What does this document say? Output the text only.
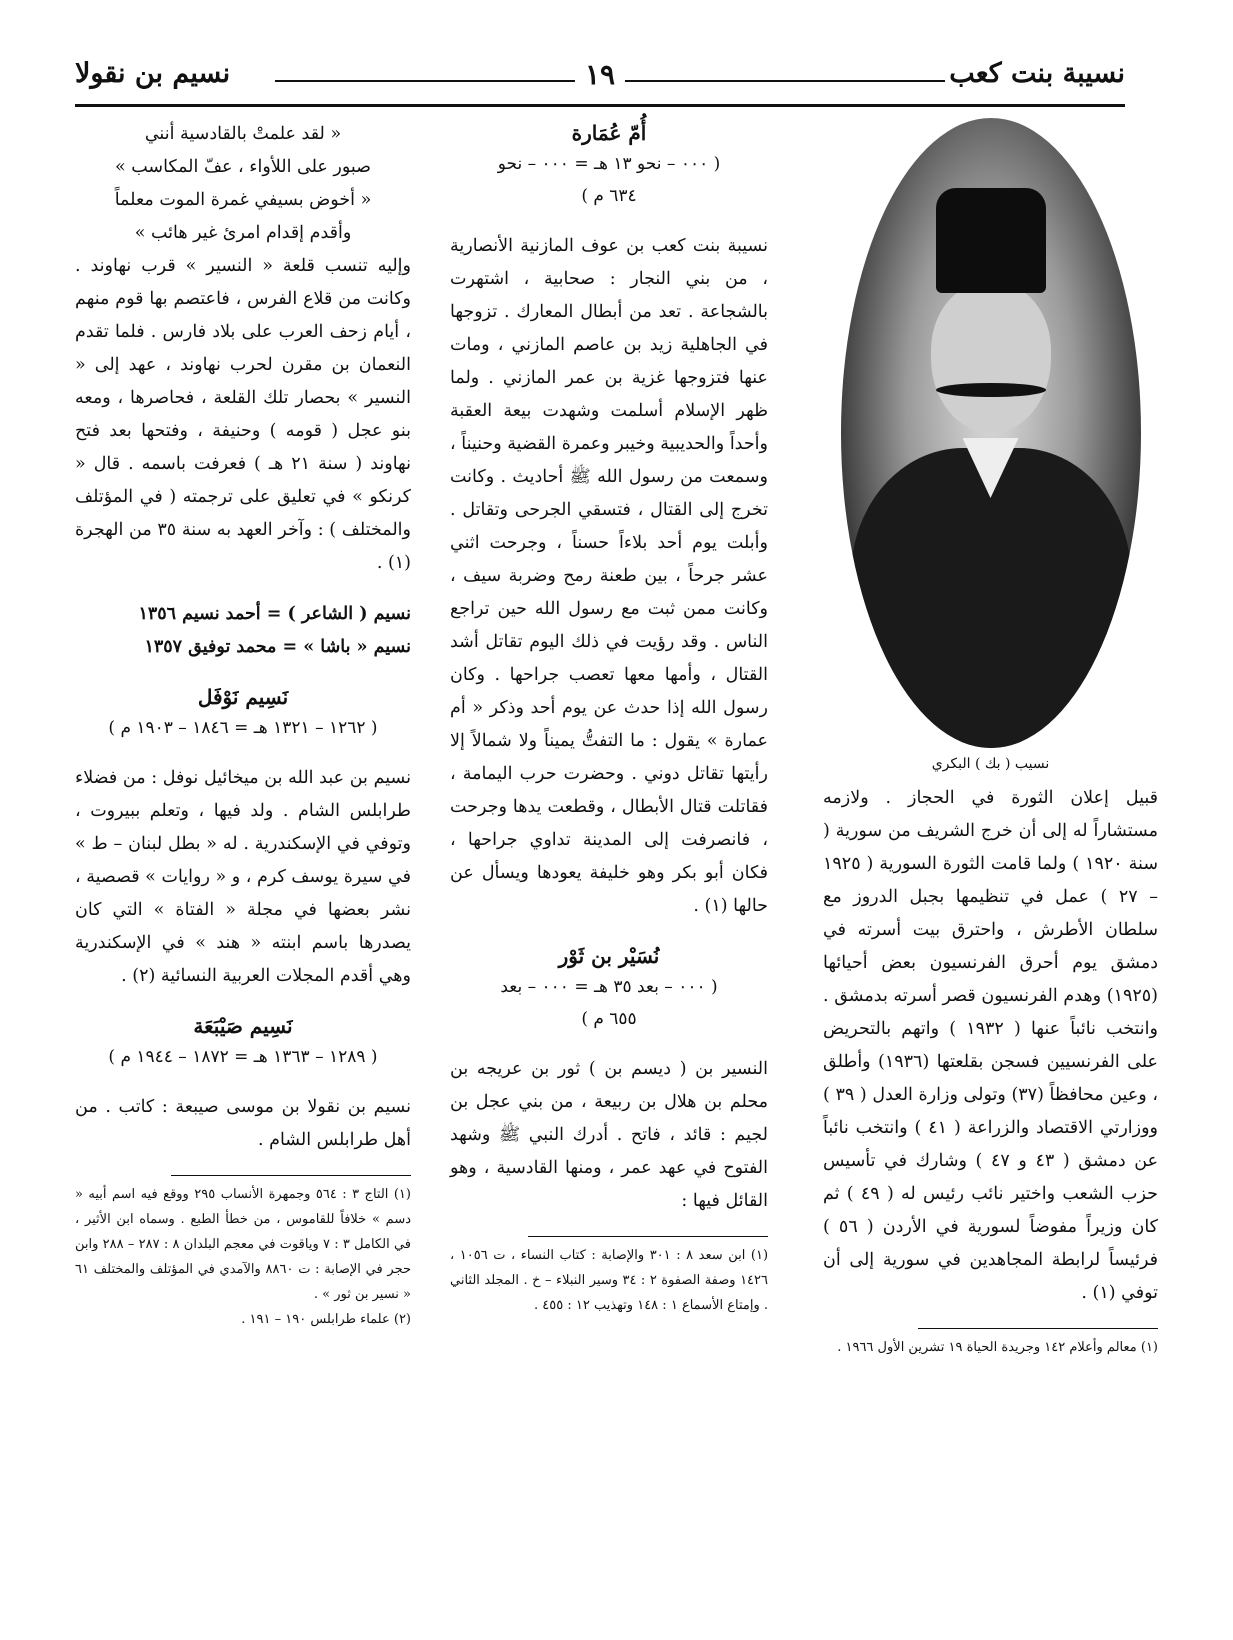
نسيبة بنت كعب
١٩
نسيم بن نقولا
نسيب ( بك ) البكري

قبيل إعلان الثورة في الحجاز . ولازمه مستشاراً له إلى أن خرج الشريف من سورية ( سنة ١٩٢٠ ) ولما قامت الثورة السورية ( ١٩٢٥ – ٢٧ ) عمل في تنظيمها بجبل الدروز مع سلطان الأطرش ، واحترق بيت أسرته في دمشق يوم أحرق الفرنسيون بعض أحيائها (١٩٢٥) وهدم الفرنسيون قصر أسرته بدمشق . وانتخب نائباً عنها ( ١٩٣٢ ) واتهم بالتحريض على الفرنسيين فسجن بقلعتها (١٩٣٦) وأطلق ، وعين محافظاً (٣٧) وتولى وزارة العدل ( ٣٩ ) ووزارتي الاقتصاد والزراعة ( ٤١ ) وانتخب نائباً عن دمشق ( ٤٣ و ٤٧ ) وشارك في تأسيس حزب الشعب واختير نائب رئيس له ( ٤٩ ) ثم كان وزيراً مفوضاً لسورية في الأردن ( ٥٦ ) فرئيساً لرابطة المجاهدين في سورية إلى أن توفي (١) .

(١) معالم وأعلام ١٤٢ وجريدة الحياة ١٩ تشرين الأول ١٩٦٦ .
أُمّ عُمَارة
( ٠٠٠ – نحو ١٣ هـ = ٠٠٠ – نحو
٦٣٤ م )

نسيبة بنت كعب بن عوف المازنية الأنصارية ، من بني النجار : صحابية ، اشتهرت بالشجاعة . تعد من أبطال المعارك . تزوجها في الجاهلية زيد بن عاصم المازني ، ومات عنها فتزوجها غزية بن عمر المازني . ولما ظهر الإسلام أسلمت وشهدت بيعة العقبة وأحداً والحديبية وخيبر وعمرة القضية وحنيناً ، وسمعت من رسول الله ﷺ أحاديث . وكانت تخرج إلى القتال ، فتسقي الجرحى وتقاتل . وأبلت يوم أحد بلاءاً حسناً ، وجرحت اثني عشر جرحاً ، بين طعنة رمح وضربة سيف ، وكانت ممن ثبت مع رسول الله حين تراجع الناس . وقد رؤيت في ذلك اليوم تقاتل أشد القتال ، وأمها معها تعصب جراحها . وكان رسول الله إذا حدث عن يوم أحد وذكر « أم عمارة » يقول : ما التفتُّ يميناً ولا شمالاً إلا رأيتها تقاتل دوني . وحضرت حرب اليمامة ، فقاتلت قتال الأبطال ، وقطعت يدها وجرحت ، فانصرفت إلى المدينة تداوي جراحها ، فكان أبو بكر وهو خليفة يعودها ويسأل عن حالها (١) .

نُسَيْر بن ثَوْر
( ٠٠٠ – بعد ٣٥ هـ = ٠٠٠ – بعد
٦٥٥ م )

النسير بن ( ديسم بن ) ثور بن عريجه بن محلم بن هلال بن ربيعة ، من بني عجل بن لجيم : قائد ، فاتح . أدرك النبي ﷺ وشهد الفتوح في عهد عمر ، ومنها القادسية ، وهو القائل فيها :

(١) ابن سعد ٨ : ٣٠١ والإصابة : كتاب النساء ، ت ١٠٥٦ ، ١٤٢٦ وصفة الصفوة ٢ : ٣٤ وسير النبلاء – خ . المجلد الثاني . وإمتاع الأسماع ١ : ١٤٨ وتهذيب ١٢ : ٤٥٥ .
« لقد علمتْ بالقادسية أنني
صبور على اللأواء ، عفّ المكاسب »
« أخوض بسيفي غمرة الموت معلماً
وأقدم إقدام امرئ غير هائب »

وإليه تنسب قلعة « النسير » قرب نهاوند . وكانت من قلاع الفرس ، فاعتصم بها قوم منهم ، أيام زحف العرب على بلاد فارس . فلما تقدم النعمان بن مقرن لحرب نهاوند ، عهد إلى « النسير » بحصار تلك القلعة ، فحاصرها ، ومعه بنو عجل ( قومه ) وحنيفة ، وفتحها بعد فتح نهاوند ( سنة ٢١ هـ ) فعرفت باسمه . قال « كرنكو » في تعليق على ترجمته ( في المؤتلف والمختلف ) : وآخر العهد به سنة ٣٥ من الهجرة (١) .

نسيم ( الشاعر ) = أحمد نسيم ١٣٥٦
نسيم « باشا » = محمد توفيق ١٣٥٧
نَسِيم نَوْفَل
( ١٢٦٢ – ١٣٢١ هـ = ١٨٤٦ – ١٩٠٣ م )

نسيم بن عبد الله بن ميخائيل نوفل : من فضلاء طرابلس الشام . ولد فيها ، وتعلم ببيروت ، وتوفي في الإسكندرية . له « بطل لبنان – ط » في سيرة يوسف كرم ، و « روايات » قصصية ، نشر بعضها في مجلة « الفتاة » التي كان يصدرها باسم ابنته « هند » في الإسكندرية وهي أقدم المجلات العربية النسائية (٢) .

نَسِيم صَيْبَعَة
( ١٢٨٩ – ١٣٦٣ هـ = ١٨٧٢ – ١٩٤٤ م )

نسيم بن نقولا بن موسى صيبعة : كاتب . من أهل طرابلس الشام .

(١) التاج ٣ : ٥٦٤ وجمهرة الأنساب ٢٩٥ ووقع فيه اسم أبيه « دسم » خلافاً للقاموس ، من خطأ الطبع . وسماه ابن الأثير ، في الكامل ٣ : ٧ وياقوت في معجم البلدان ٨ : ٢٨٧ – ٢٨٨ وابن حجر في الإصابة : ت ٨٨٦٠ والآمدي في المؤتلف والمختلف ٦١ « نسير بن ثور » .
(٢) علماء طرابلس ١٩٠ – ١٩١ .
